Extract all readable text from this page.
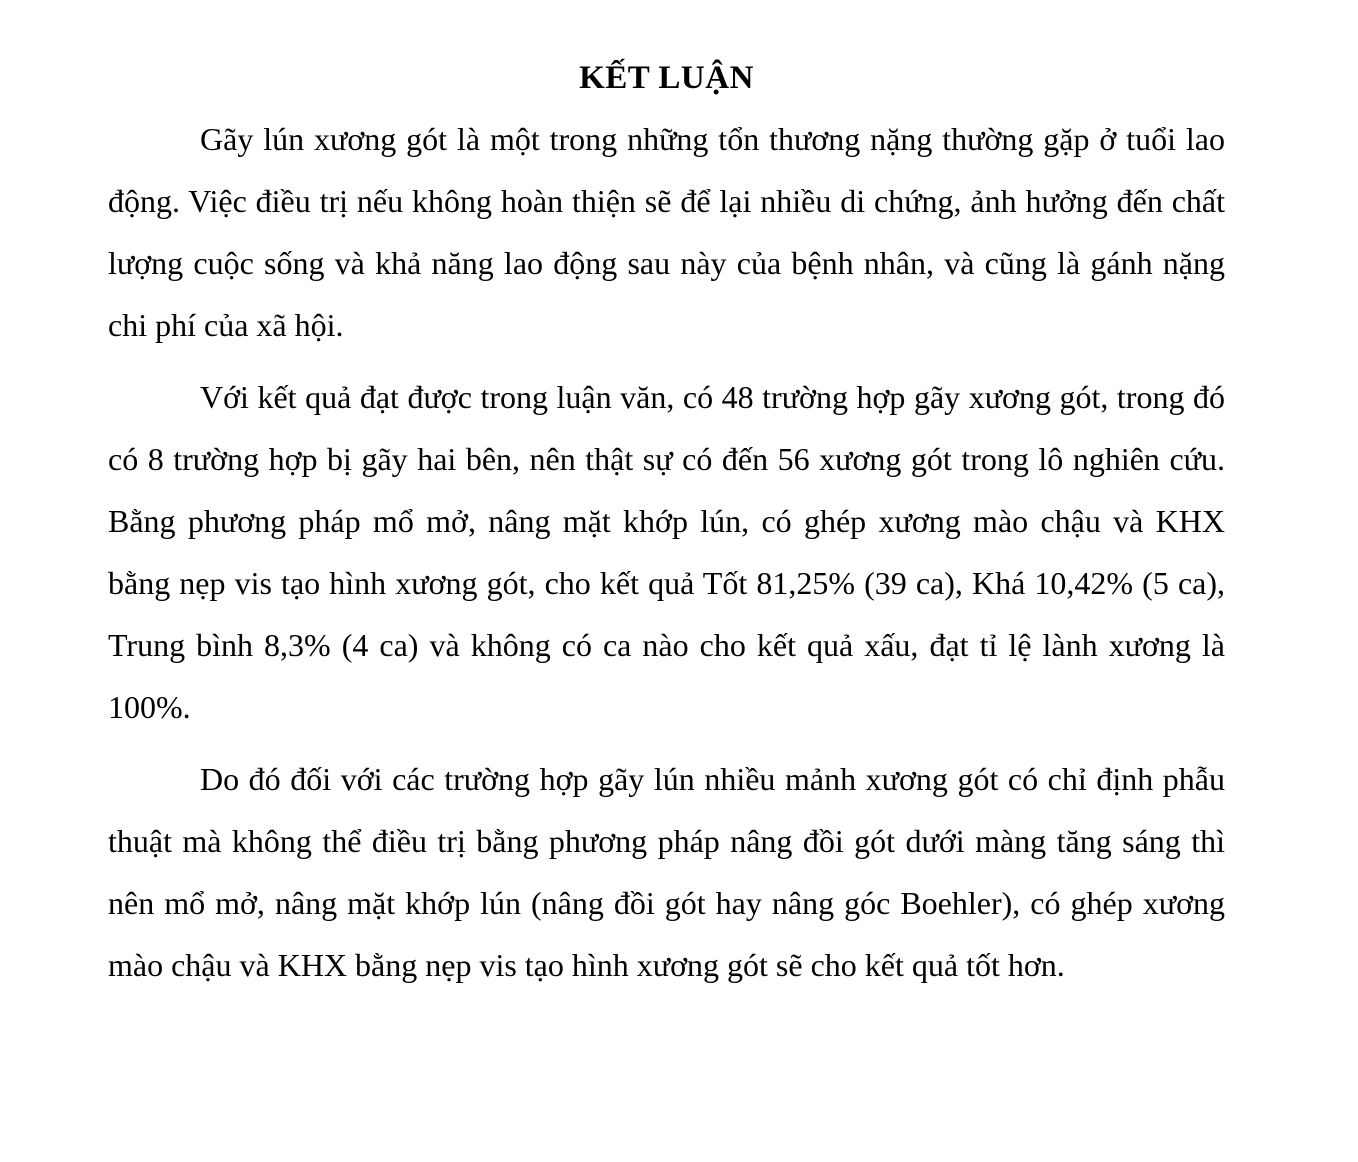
KẾT LUẬN

Gãy lún xương gót là một trong những tổn thương nặng thường gặp ở tuổi lao động. Việc điều trị nếu không hoàn thiện sẽ để lại nhiều di chứng, ảnh hưởng đến chất lượng cuộc sống và khả năng lao động sau này của bệnh nhân, và cũng là gánh nặng chi phí của xã hội.

Với kết quả đạt được trong luận văn, có 48 trường hợp gãy xương gót, trong đó có 8 trường hợp bị gãy hai bên, nên thật sự có đến 56 xương gót trong lô nghiên cứu. Bằng phương pháp mổ mở, nâng mặt khớp lún, có ghép xương mào chậu và KHX bằng nẹp vis tạo hình xương gót, cho kết quả Tốt 81,25% (39 ca), Khá 10,42% (5 ca), Trung bình 8,3% (4 ca) và không có ca nào cho kết quả xấu, đạt tỉ lệ lành xương là 100%.

Do đó đối với các trường hợp gãy lún nhiều mảnh xương gót có chỉ định phẫu thuật mà không thể điều trị bằng phương pháp nâng đồi gót dưới màng tăng sáng thì nên mổ mở, nâng mặt khớp lún (nâng đồi gót hay nâng góc Boehler), có ghép xương mào chậu và KHX bằng nẹp vis tạo hình xương gót sẽ cho kết quả tốt hơn.
